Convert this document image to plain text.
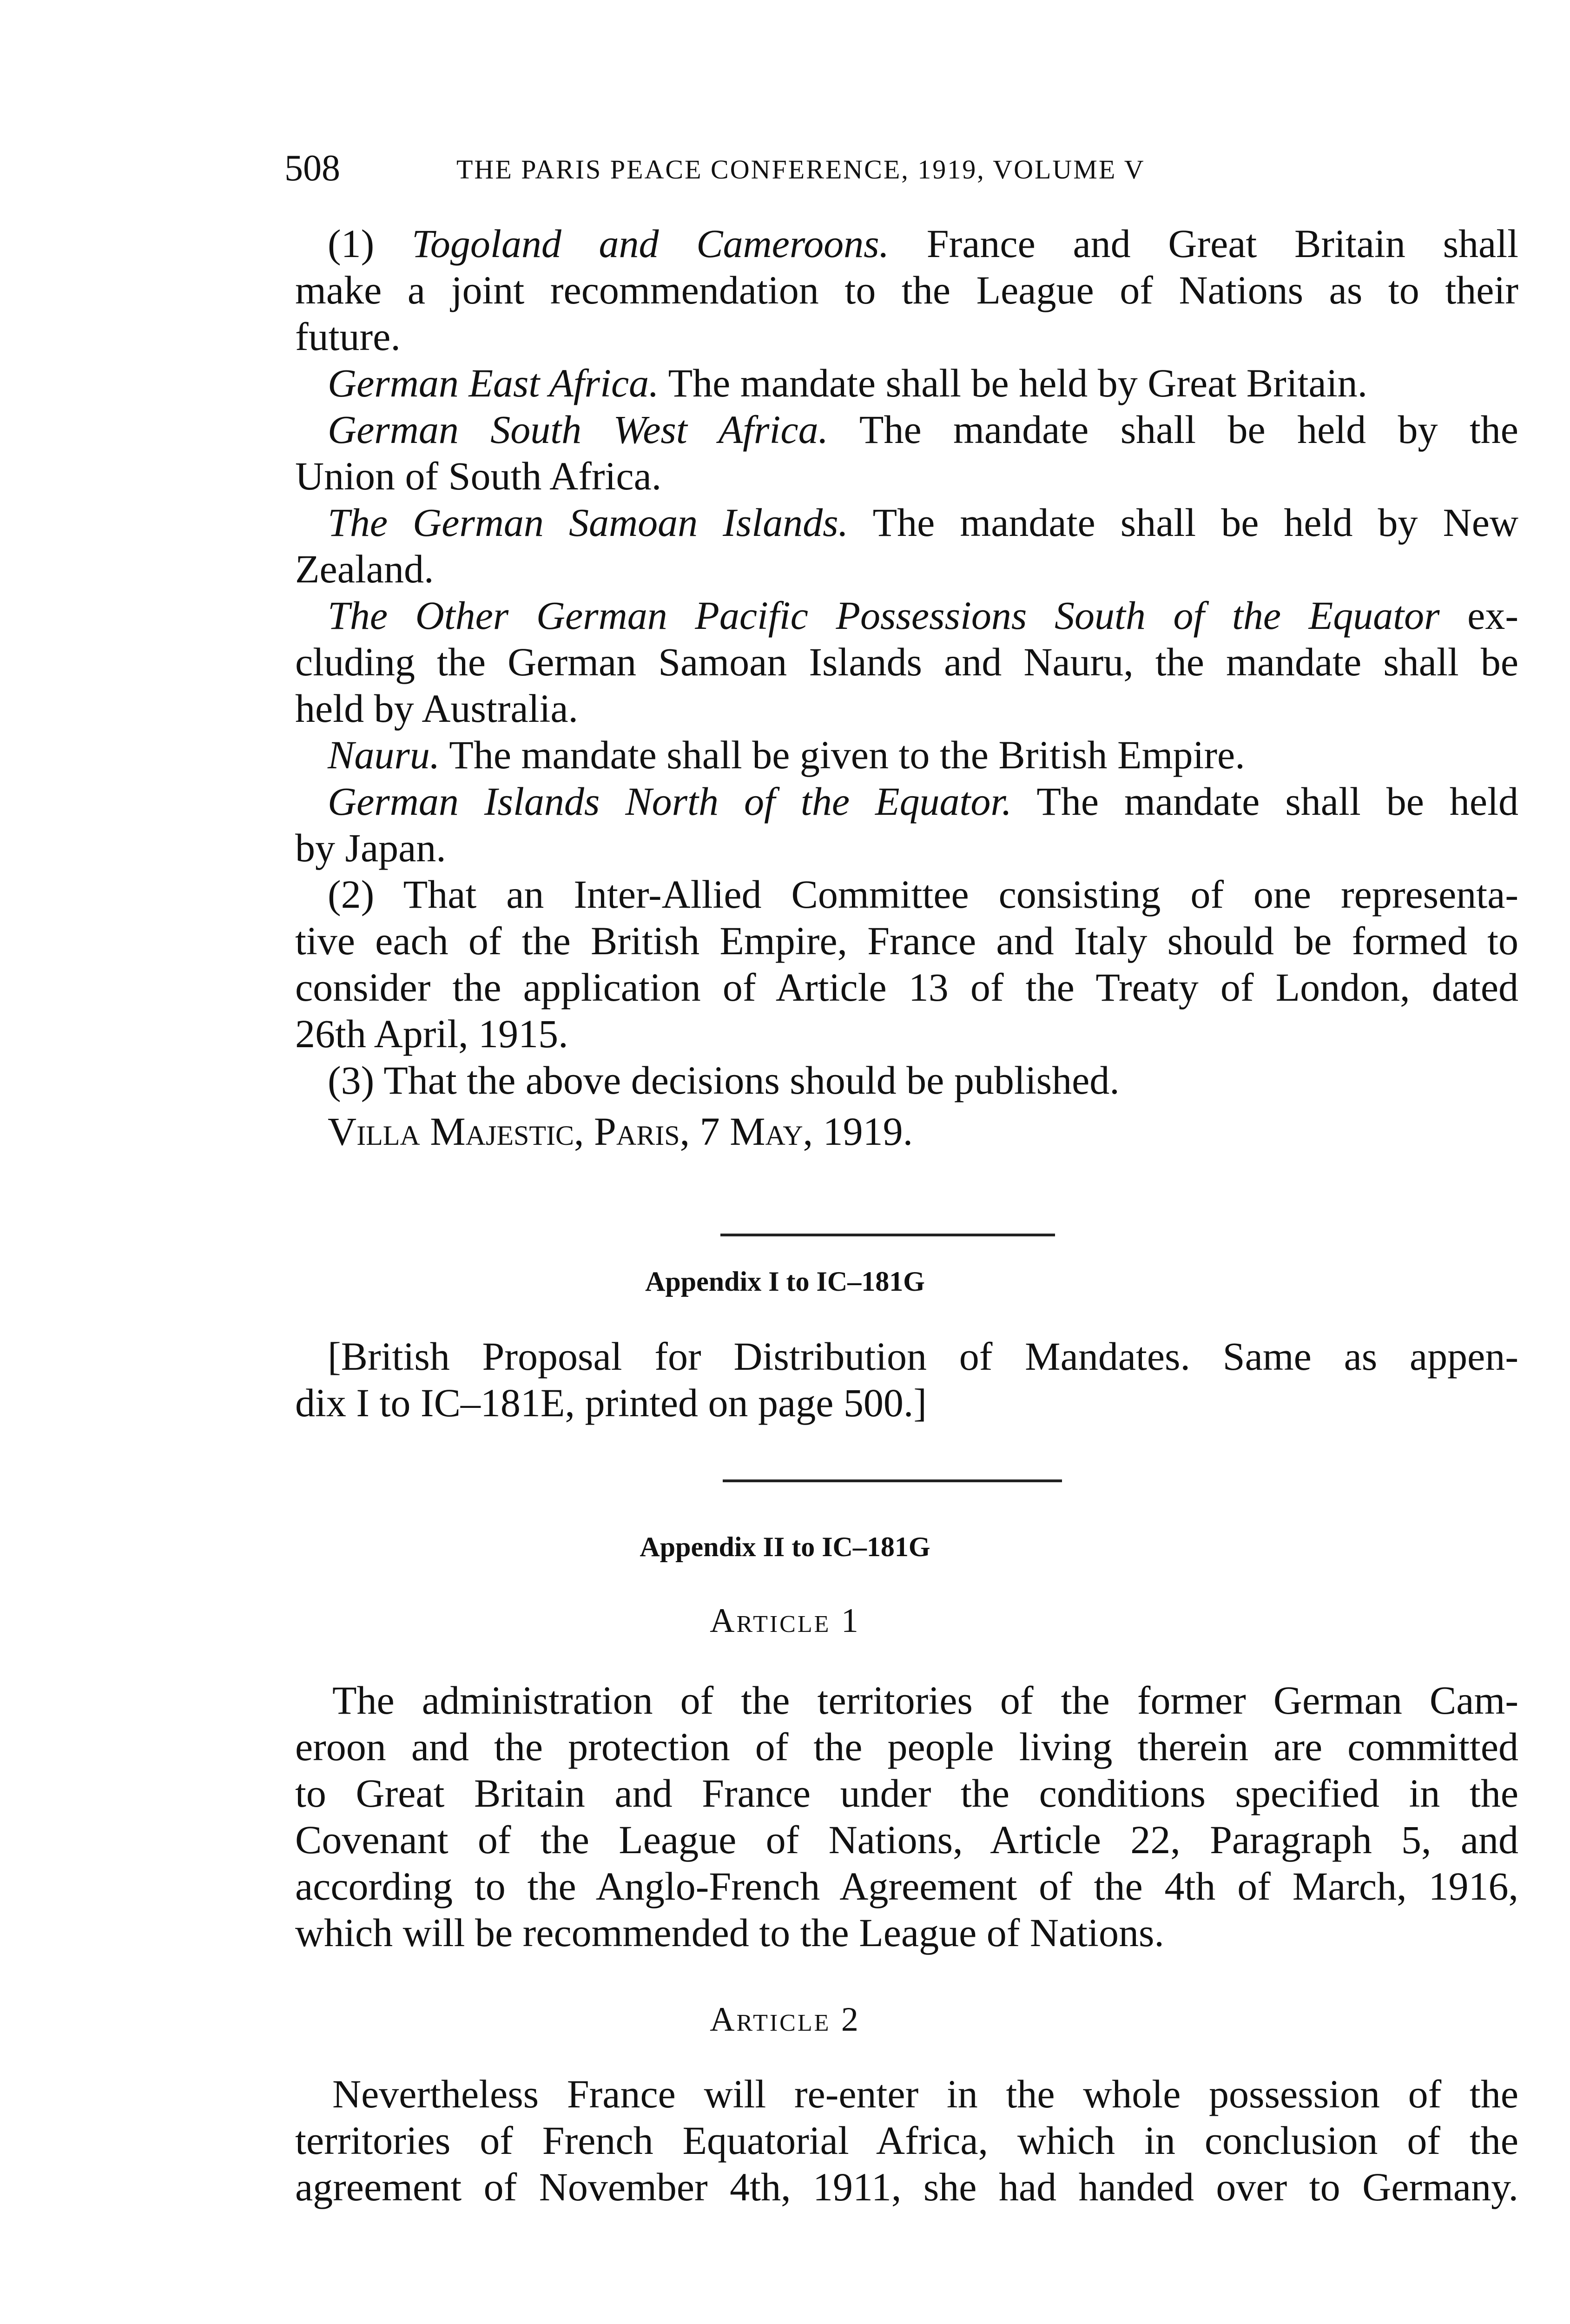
508	THE PARIS PEACE CONFERENCE, 1919, VOLUME V
(1) Togoland and Cameroons. France and Great Britain shall
make a joint recommendation to the League of Nations as to their
future.
German East Africa. The mandate shall be held by Great Britain.
German South West Africa. The mandate shall be held by the
Union of South Africa.
The German Samoan Islands. The mandate shall be held by New
Zealand.
The Other German Pacific Possessions South of the Equator ex-
cluding the German Samoan Islands and Nauru, the mandate shall be
held by Australia.
Nauru. The mandate shall be given to the British Empire.
German Islands North of the Equator. The mandate shall be held
by Japan.
(2) That an Inter-Allied Committee consisting of one representa-
tive each of the British Empire, France and Italy should be formed to
consider the application of Article 13 of the Treaty of London, dated
26th April, 1915.
(3) That the above decisions should be published.
Villa Majestic, Paris, 7 May, 1919.
Appendix I to IC–181G
[British Proposal for Distribution of Mandates. Same as appen-
dix I to IC–181E, printed on page 500.]
Appendix II to IC–181G
Article 1
The administration of the territories of the former German Cam-
eroon and the protection of the people living therein are committed
to Great Britain and France under the conditions specified in the
Covenant of the League of Nations, Article 22, Paragraph 5, and
according to the Anglo-French Agreement of the 4th of March, 1916,
which will be recommended to the League of Nations.
Article 2
Nevertheless France will re-enter in the whole possession of the
territories of French Equatorial Africa, which in conclusion of the
agreement of November 4th, 1911, she had handed over to Germany.
